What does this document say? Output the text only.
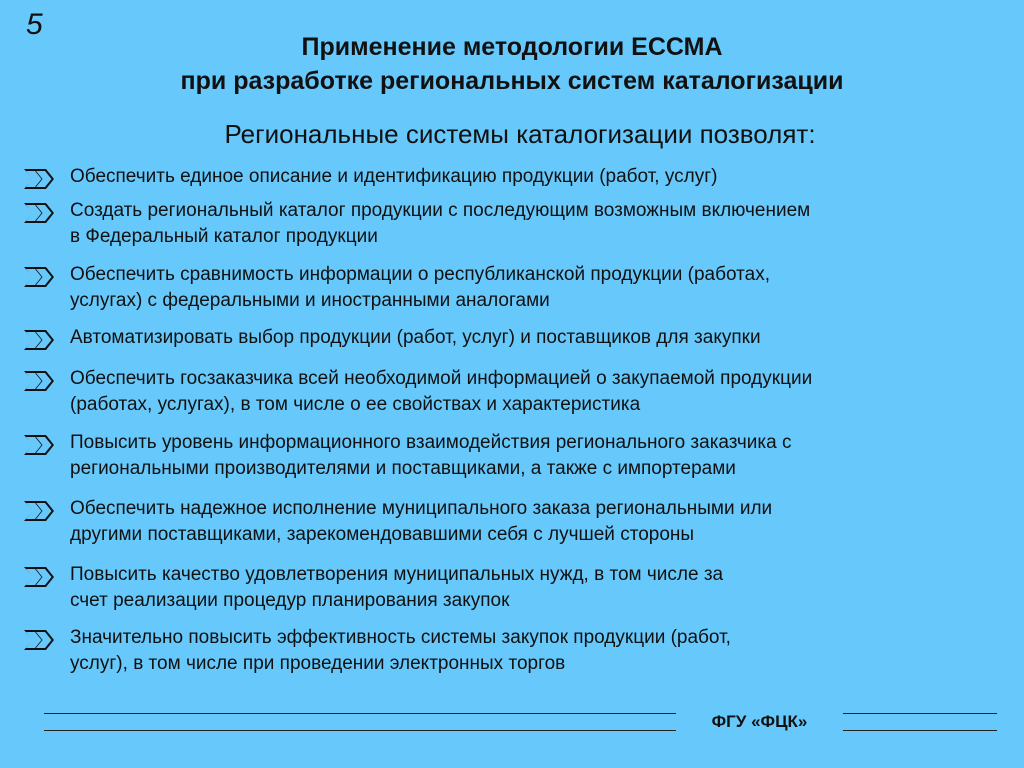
5
Применение методологии ЕССМА
при разработке региональных систем каталогизации
Региональные системы каталогизации позволят:
Обеспечить единое описание и идентификацию продукции (работ, услуг)
Создать региональный каталог продукции с последующим возможным включением
в Федеральный каталог продукции
Обеспечить сравнимость информации о республиканской продукции (работах,
услугах) с федеральными и иностранными аналогами
Автоматизировать выбор продукции (работ, услуг) и поставщиков для закупки
Обеспечить госзаказчика всей необходимой информацией о закупаемой продукции
(работах, услугах), в том числе о ее свойствах и характеристика
Повысить уровень информационного взаимодействия регионального заказчика с
региональными производителями и поставщиками, а также с импортерами
Обеспечить надежное исполнение муниципального заказа региональными или
другими поставщиками, зарекомендовавшими себя с лучшей стороны
Повысить качество удовлетворения муниципальных нужд, в том числе за
счет реализации процедур планирования закупок
Значительно повысить эффективность системы закупок продукции (работ,
услуг), в том числе при проведении электронных торгов
ФГУ «ФЦК»
